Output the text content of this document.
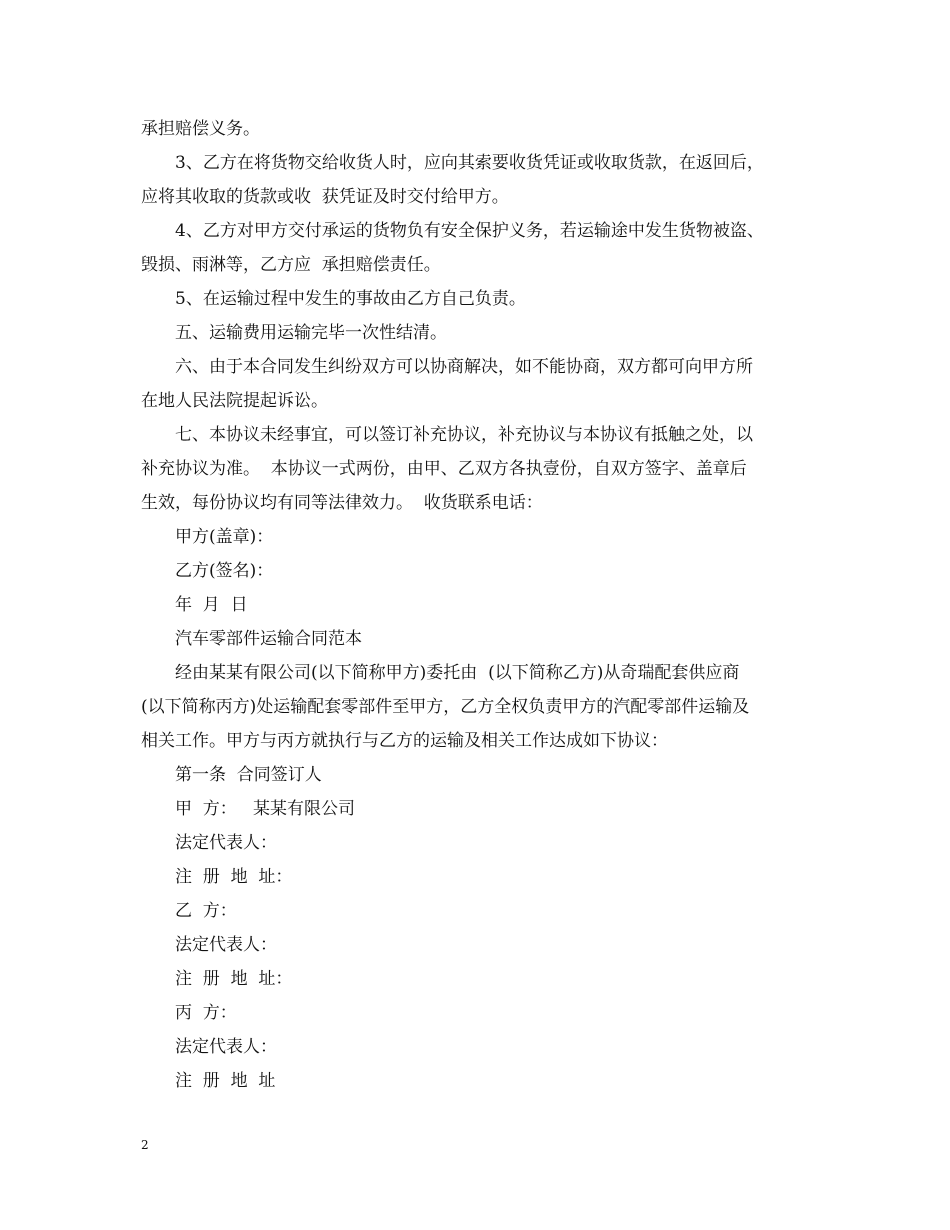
承担赔偿义务。

3、乙方在将货物交给收货人时，应向其索要收货凭证或收取货款，在返回后，

应将其收取的货款或收  获凭证及时交付给甲方。

4、乙方对甲方交付承运的货物负有安全保护义务，若运输途中发生货物被盗、

毁损、雨淋等，乙方应  承担赔偿责任。

5、在运输过程中发生的事故由乙方自己负责。

五、运输费用运输完毕一次性结清。

六、由于本合同发生纠纷双方可以协商解决，如不能协商，双方都可向甲方所

在地人民法院提起诉讼。

七、本协议未经事宜，可以签订补充协议，补充协议与本协议有抵触之处，以

补充协议为准。  本协议一式两份，由甲、乙双方各执壹份，自双方签字、盖章后

生效，每份协议均有同等法律效力。  收货联系电话：

甲方(盖章)：

乙方(签名)：

年  月  日

汽车零部件运输合同范本

经由某某有限公司(以下简称甲方)委托由  (以下简称乙方)从奇瑞配套供应商

(以下简称丙方)处运输配套零部件至甲方，乙方全权负责甲方的汽配零部件运输及

相关工作。甲方与丙方就执行与乙方的运输及相关工作达成如下协议：

第一条  合同签订人

甲  方：   某某有限公司

法定代表人：

注  册  地  址：

乙  方：

法定代表人：

注  册  地  址：

丙  方：

法定代表人：

注  册  地  址

2
